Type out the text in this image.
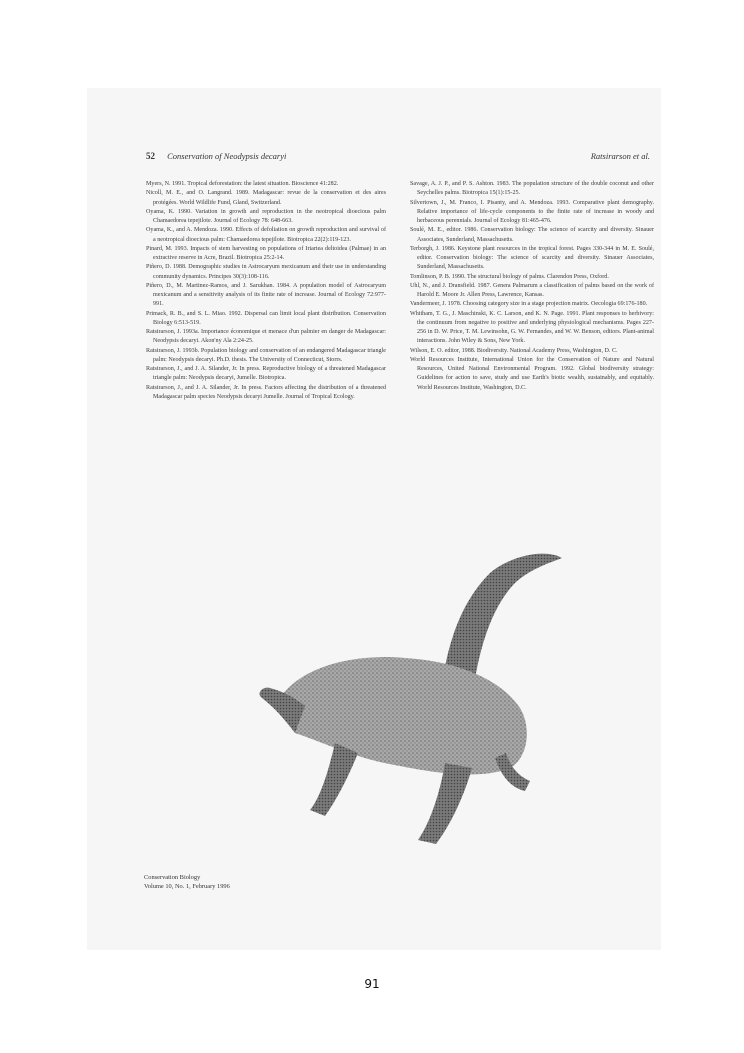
52 Conservation of Neodypsis decaryi	Ratsirarson et al.

Myers, N. 1991. Tropical deforestation: the latest situation. Bioscience 41:282.

Nicoll, M. E., and O. Langrand. 1989. Madagascar: revue de la conservation et des aires protégées. World Wildlife Fund, Gland, Switzerland.

Oyama, K. 1990. Variation in growth and reproduction in the neotropical dioecious palm Chamaedorea tepejilote. Journal of Ecology 78: 648-663.

Oyama, K., and A. Mendoza. 1990. Effects of defoliation on growth reproduction and survival of a neotropical dioecious palm: Chamaedorea tepejilote. Biotropica 22(2):119-123.

Pinard, M. 1993. Impacts of stem harvesting on populations of Iriartea deltoidea (Palmae) in an extractive reserve in Acre, Brazil. Biotropica 25:2-14.

Piñero, D. 1988. Demographic studies in Astrocaryum mexicanum and their use in understanding community dynamics. Principes 30(3):108-116.

Piñero, D., M. Martinez-Ramos, and J. Sarukhan. 1984. A population model of Astrocaryum mexicanum and a sensitivity analysis of its finite rate of increase. Journal of Ecology 72:977-991.

Primack, R. B., and S. L. Miao. 1992. Dispersal can limit local plant distribution. Conservation Biology 6:513-519.

Ratsirarson, J. 1993a. Importance économique et menace d'un palmier en danger de Madagascar: Neodypsis decaryi. Akon'ny Ala 2:24-25.

Ratsirarson, J. 1993b. Population biology and conservation of an endangered Madagascar triangle palm: Neodypsis decaryi. Ph.D. thesis. The University of Connecticut, Storrs.

Ratsirarson, J., and J. A. Silander, Jr. In press. Reproductive biology of a threatened Madagascar triangle palm: Neodypsis decaryi, Jumelle. Biotropica.

Ratsirarson, J., and J. A. Silander, Jr. In press. Factors affecting the distribution of a threatened Madagascar palm species Neodypsis decaryi Jumelle. Journal of Tropical Ecology.

Savage, A. J. P., and P. S. Ashton. 1983. The population structure of the double coconut and other Seychelles palms. Biotropica 15(1):15-25.

Silvertown, J., M. Franco, I. Pisanty, and A. Mendoza. 1993. Comparative plant demography. Relative importance of life-cycle components to the finite rate of increase in woody and herbaceous perennials. Journal of Ecology 81:465-476.

Soulé, M. E., editor. 1986. Conservation biology: The science of scarcity and diversity. Sinauer Associates, Sunderland, Massachusetts.

Terborgh, J. 1986. Keystone plant resources in the tropical forest. Pages 330-344 in M. E. Soulé, editor. Conservation biology: The science of scarcity and diversity. Sinauer Associates, Sunderland, Massachusetts.

Tomlinson, P. B. 1990. The structural biology of palms. Clarendon Press, Oxford.

Uhl, N., and J. Dransfield. 1987. Genera Palmarum a classification of palms based on the work of Harold E. Moore Jr. Allen Press, Lawrence, Kansas.

Vandermeer, J. 1978. Choosing category size in a stage projection matrix. Oecologia 69:176-180.

Whitham, T. G., J. Maschinski, K. C. Larson, and K. N. Page. 1991. Plant responses to herbivory: the continuum from negative to positive and underlying physiological mechanisms. Pages 227-256 in D. W. Price, T. M. Lewinsohn, G. W. Fernandes, and W. W. Benson, editors. Plant-animal interactions. John Wiley & Sons, New York.

Wilson, E. O. editor, 1988. Biodiversity. National Academy Press, Washington, D. C.

World Resources Institute, International Union for the Conservation of Nature and Natural Resources, United National Environmental Program. 1992. Global biodiversity strategy: Guidelines for action to save, study and use Earth's biotic wealth, sustainably, and equitably. World Resources Institute, Washington, D.C.

Conservation Biology
Volume 10, No. 1, February 1996
91
